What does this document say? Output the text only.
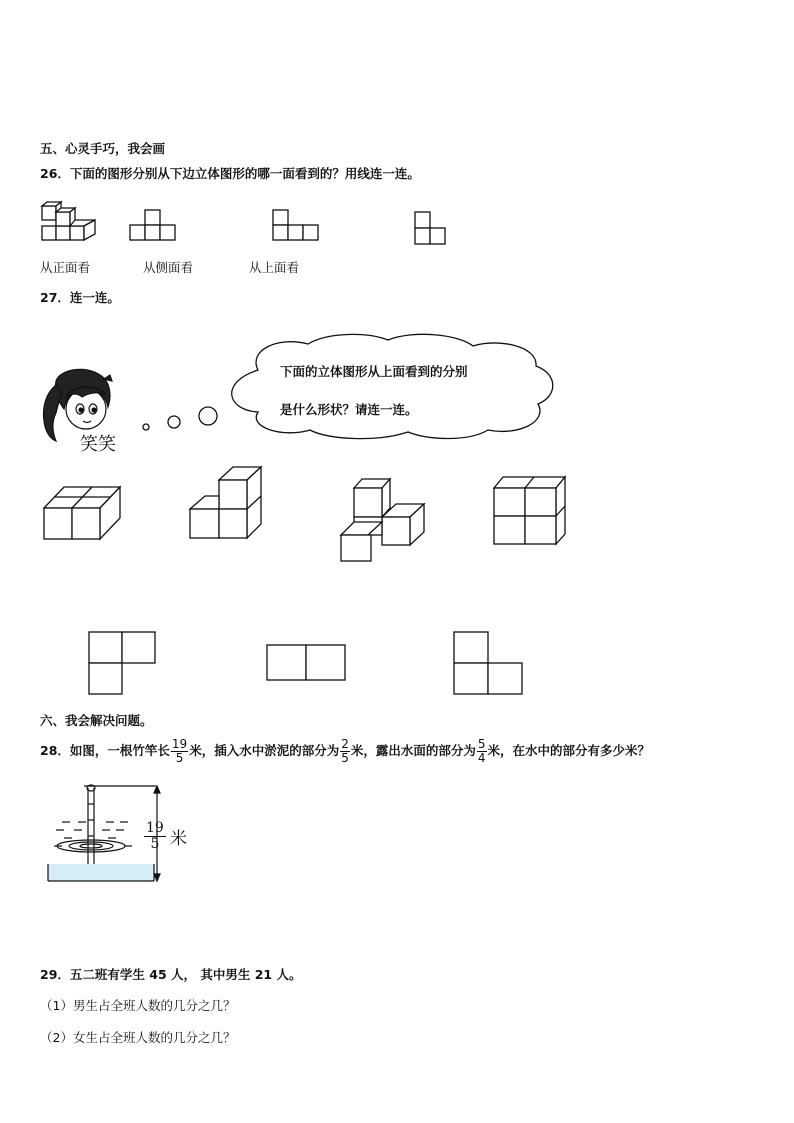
五、心灵手巧，我会画
26．下面的图形分别从下边立体图形的哪一面看到的？用线连一连。
从正面看	从侧面看	从上面看
27．连一连。
笑笑
下面的立体图形从上面看到的分别
是什么形状？请连一连。
六、我会解决问题。
28．如图，一根竹竿长 $\frac{19}{5}$ 米，插入水中淤泥的部分为 $\frac{2}{5}$ 米，露出水面的部分为 $\frac{5}{4}$ 米，在水中的部分有多少米？
$\frac{19}{5}$ 米
29．五二班有学生 45 人， 其中男生 21 人。
（1）男生占全班人数的几分之几？
（2）女生占全班人数的几分之几？
